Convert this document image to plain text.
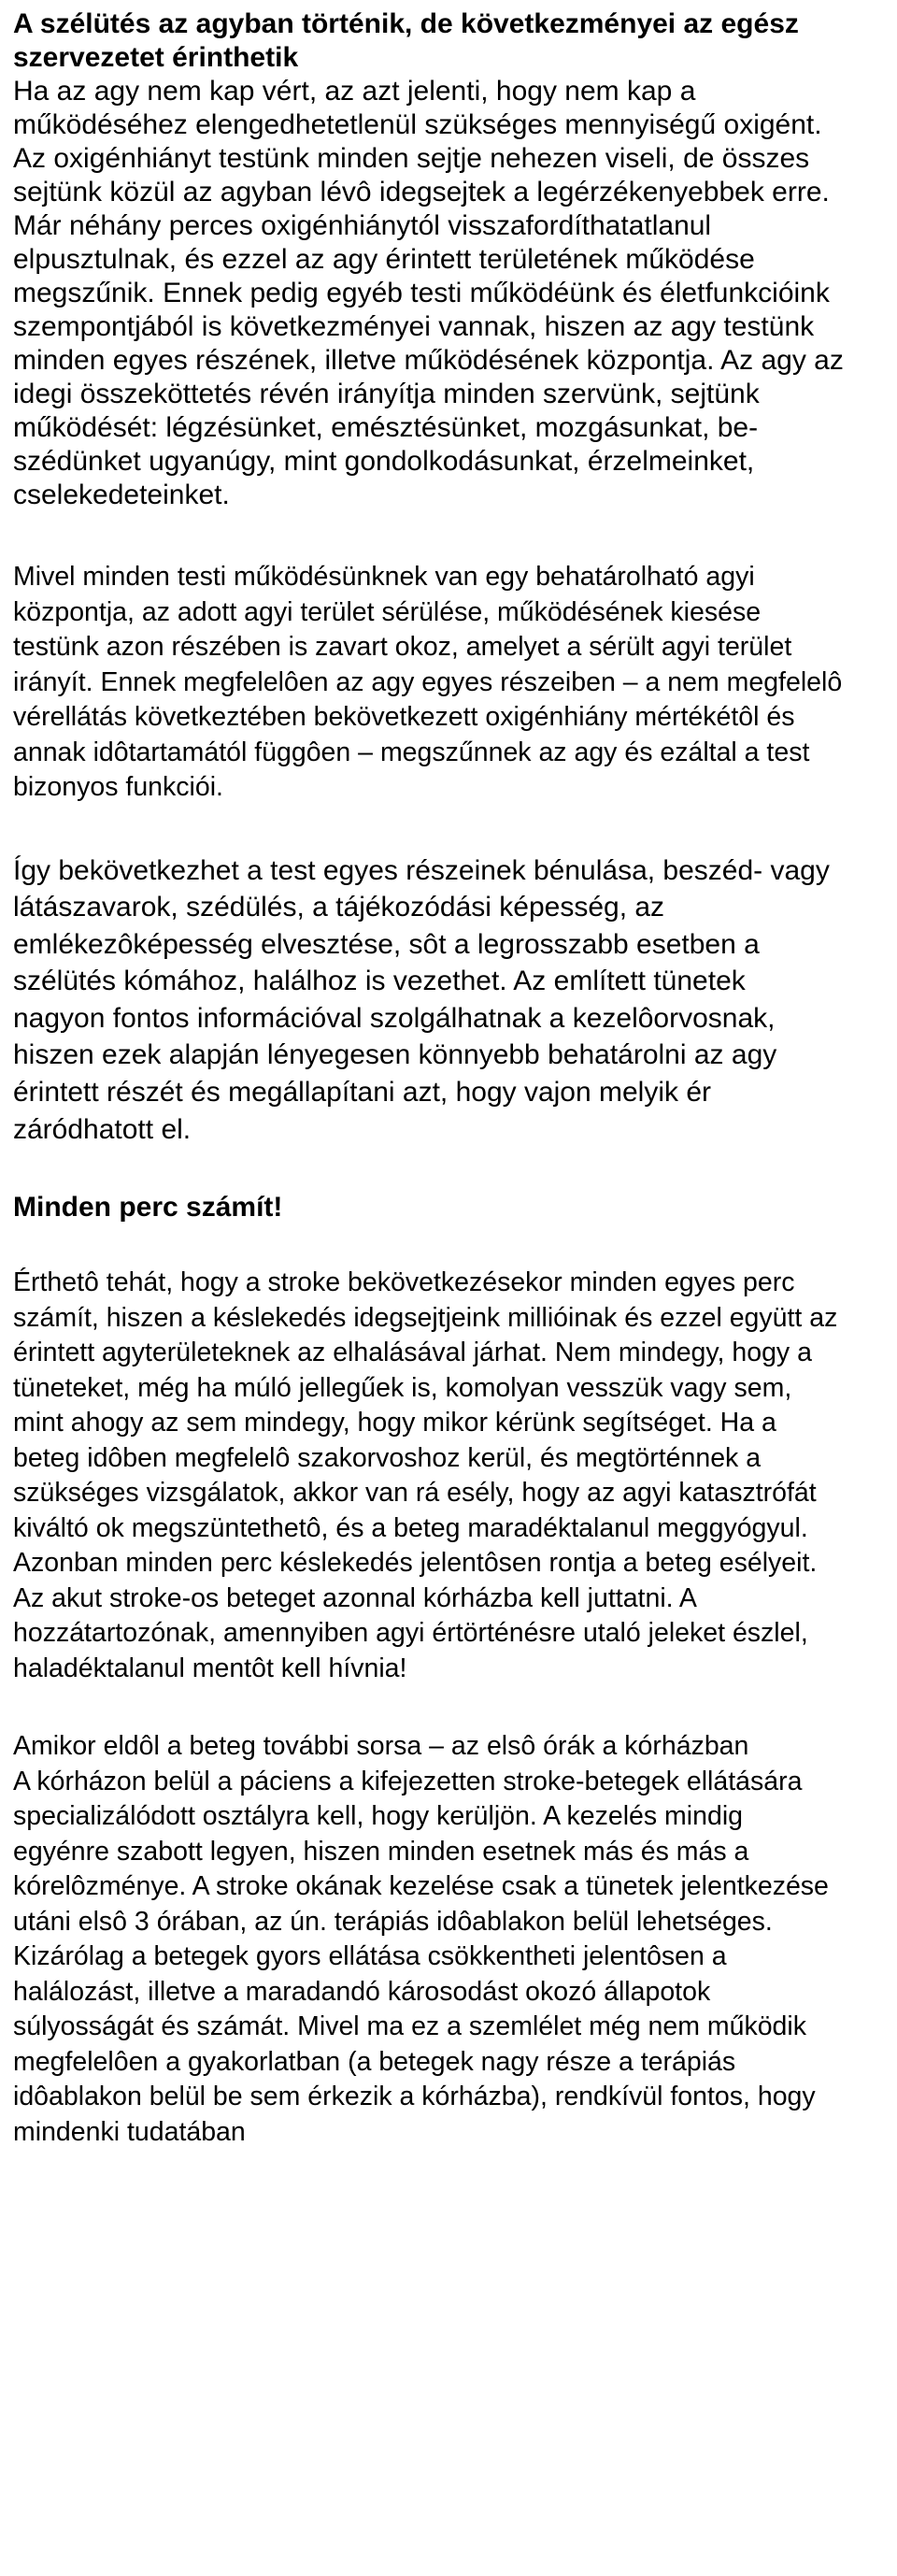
A szélütés az agyban történik, de következményei az egész szervezetet érinthetik

Ha az agy nem kap vért, az azt jelenti, hogy nem kap a működéséhez elengedhetetlenül szükséges mennyiségű oxigént. Az oxigénhiányt testünk minden sejtje nehezen viseli, de összes sejtünk közül az agyban lévô idegsejtek a legérzékenyebbek erre. Már néhány perces oxigénhiánytól visszafordíthatatlanul elpusztulnak, és ezzel az agy érintett területének működése megszűnik. Ennek pedig egyéb testi működéünk és életfunkcióink szempontjából is következményei vannak, hiszen az agy testünk minden egyes részének, illetve működésének központja. Az agy az idegi összeköttetés révén irányítja minden szervünk, sejtünk működését: légzésünket, emésztésünket, mozgásunkat, be-szédünket ugyanúgy, mint gondolkodásunkat, érzelmeinket, cselekedeteinket.

Mivel minden testi működésünknek van egy behatárolható agyi központja, az adott agyi terület sérülése, működésének kiesése testünk azon részében is zavart okoz, amelyet a sérült agyi terület irányít. Ennek megfelelôen az agy egyes részeiben – a nem megfelelô vérellátás következtében bekövetkezett oxigénhiány mértékétôl és annak idôtartamától függôen – megszűnnek az agy és ezáltal a test bizonyos funkciói.

Így bekövetkezhet a test egyes részeinek bénulása, beszéd- vagy látászavarok, szédülés, a tájékozódási képesség, az emlékezôképesség elvesztése, sôt a legrosszabb esetben a szélütés kómához, halálhoz is vezethet. Az említett tünetek nagyon fontos információval szolgálhatnak a kezelôorvosnak, hiszen ezek alapján lényegesen könnyebb behatárolni az agy érintett részét és megállapítani azt, hogy vajon melyik ér záródhatott el.

Minden perc számít!

Érthetô tehát, hogy a stroke bekövetkezésekor minden egyes perc számít, hiszen a késlekedés idegsejtjeink millióinak és ezzel együtt az érintett agyterületeknek az elhalásával járhat. Nem mindegy, hogy a tüneteket, még ha múló jellegűek is, komolyan vesszük vagy sem, mint ahogy az sem mindegy, hogy mikor kérünk segítséget. Ha a beteg idôben megfelelô szakorvoshoz kerül, és megtörténnek a szükséges vizsgálatok, akkor van rá esély, hogy az agyi katasztrófát kiváltó ok megszüntethetô, és a beteg maradéktalanul meggyógyul. Azonban minden perc késlekedés jelentôsen rontja a beteg esélyeit. Az akut stroke-os beteget azonnal kórházba kell juttatni. A hozzátartozónak, amennyiben agyi értörténésre utaló jeleket észlel, haladéktalanul mentôt kell hívnia!

Amikor eldôl a beteg további sorsa – az elsô órák a kórházban

A kórházon belül a páciens a kifejezetten stroke-betegek ellátására specializálódott osztályra kell, hogy kerüljön. A kezelés mindig egyénre szabott legyen, hiszen minden esetnek más és más a kórelôzménye. A stroke okának kezelése csak a tünetek jelentkezése utáni elsô 3 órában, az ún. terápiás idôablakon belül lehetséges. Kizárólag a betegek gyors ellátása csökkentheti jelentôsen a halálozást, illetve a maradandó károsodást okozó állapotok súlyosságát és számát. Mivel ma ez a szemlélet még nem működik megfelelôen a gyakorlatban (a betegek nagy része a terápiás idôablakon belül be sem érkezik a kórházba), rendkívül fontos, hogy mindenki tudatában
